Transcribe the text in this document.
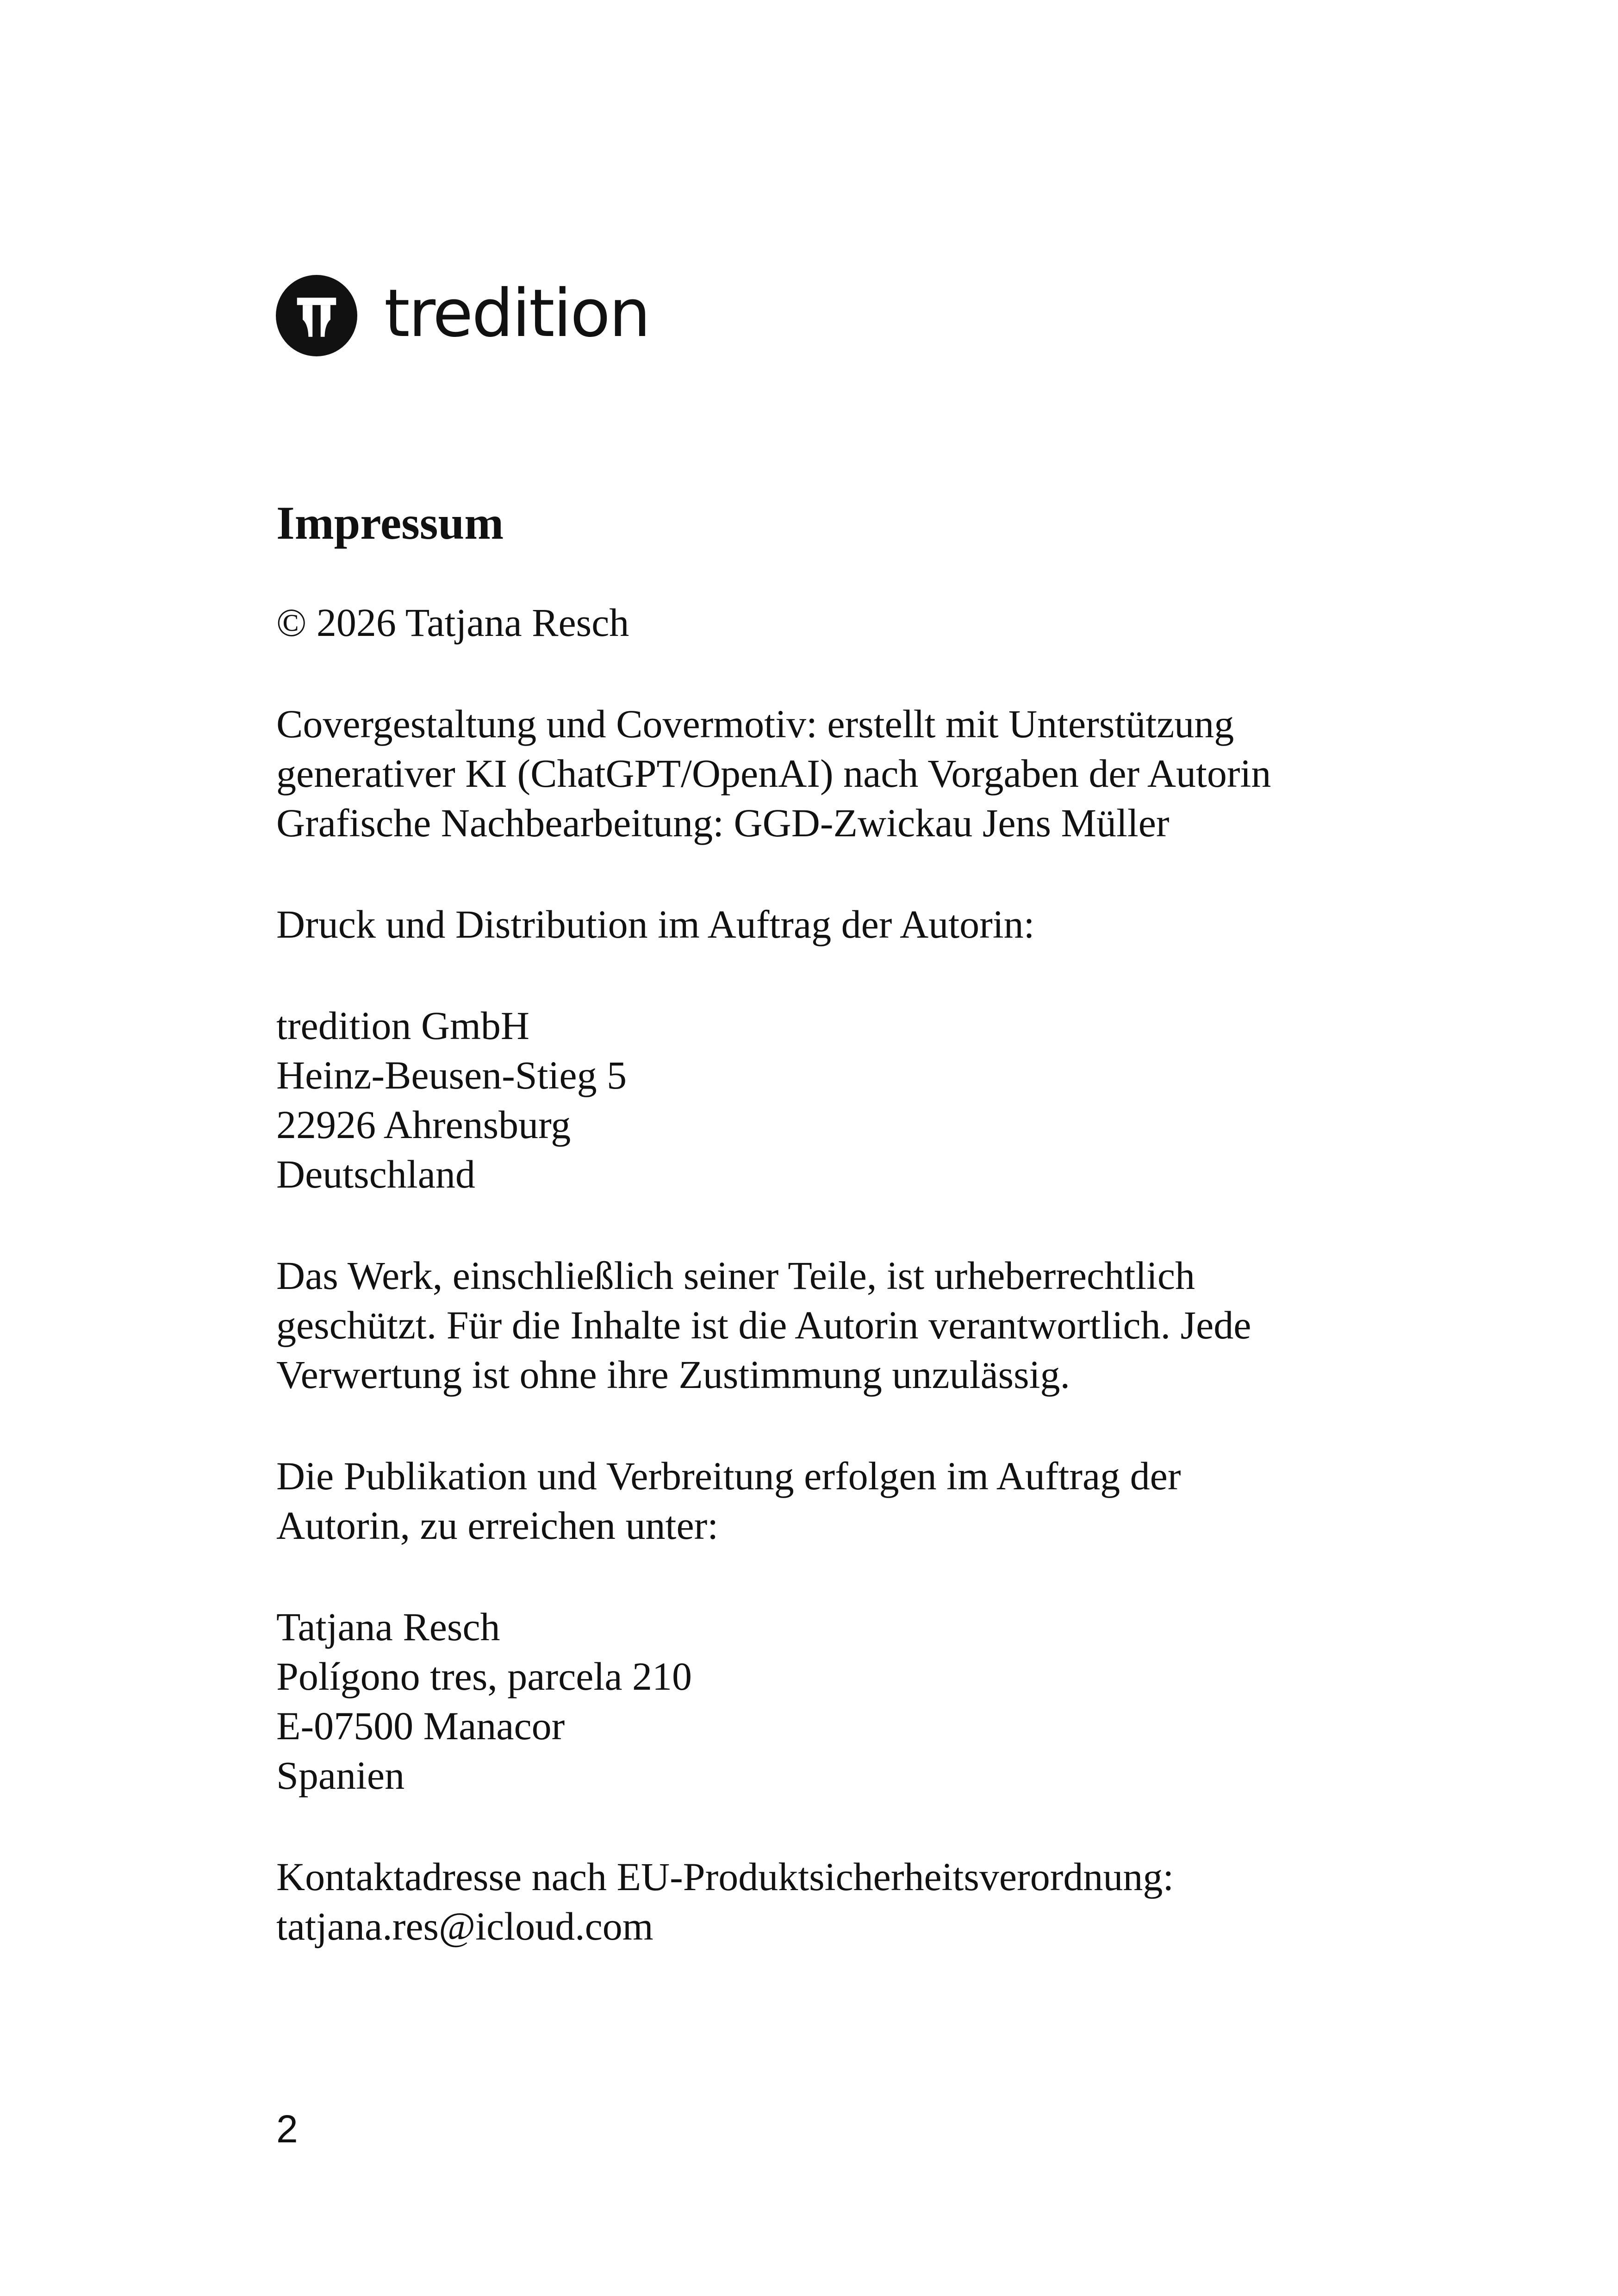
tredition
Impressum
© 2026 Tatjana Resch
Covergestaltung und Covermotiv: erstellt mit Unterstützung
generativer KI (ChatGPT/OpenAI) nach Vorgaben der Autorin
Grafische Nachbearbeitung: GGD-Zwickau Jens Müller
Druck und Distribution im Auftrag der Autorin:
tredition GmbH
Heinz-Beusen-Stieg 5
22926 Ahrensburg
Deutschland
Das Werk, einschließlich seiner Teile, ist urheberrechtlich
geschützt. Für die Inhalte ist die Autorin verantwortlich. Jede
Verwertung ist ohne ihre Zustimmung unzulässig.
Die Publikation und Verbreitung erfolgen im Auftrag der
Autorin, zu erreichen unter:
Tatjana Resch
Polígono tres, parcela 210
E-07500 Manacor
Spanien
Kontaktadresse nach EU-Produktsicherheitsverordnung:
tatjana.res@icloud.com
2
